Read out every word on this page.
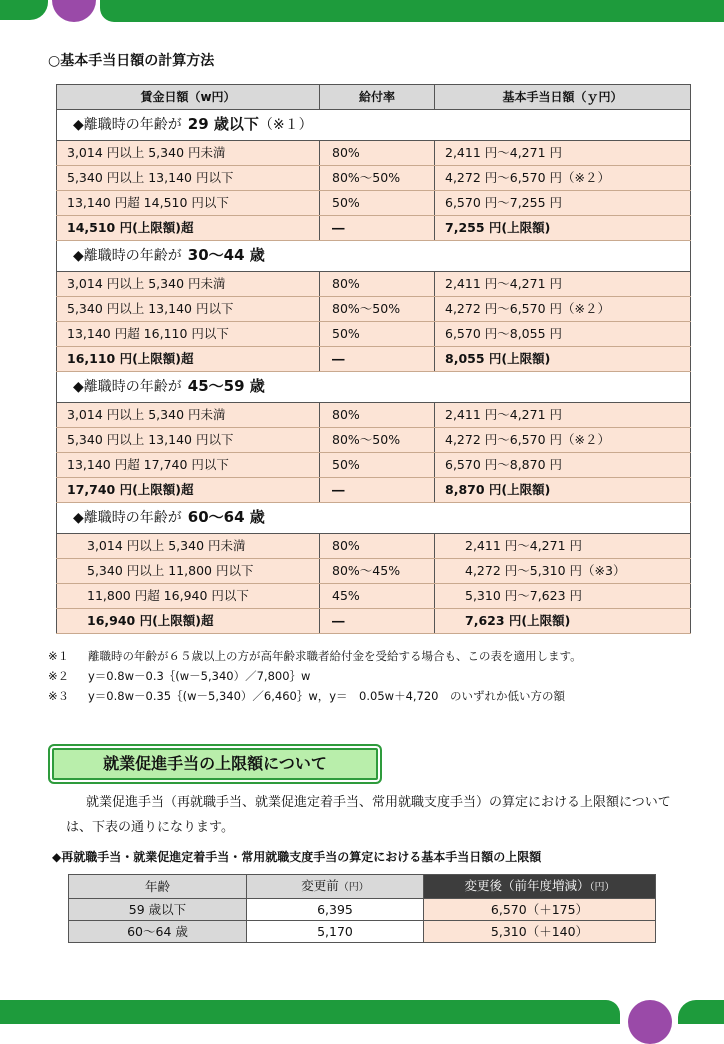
○基本手当日額の計算方法
賃金日額（w円）	給付率	基本手当日額（ｙ円）
◆離職時の年齢が 29 歳以下（※１）		
3,014 円以上 5,340 円未満	80%	2,411 円～4,271 円
5,340 円以上 13,140 円以下	80%～50%	4,272 円～6,570 円（※２）
13,140 円超 14,510 円以下	50%	6,570 円～7,255 円
14,510 円(上限額)超	―	7,255 円(上限額)
◆離職時の年齢が 30～44 歳		
3,014 円以上 5,340 円未満	80%	2,411 円～4,271 円
5,340 円以上 13,140 円以下	80%～50%	4,272 円～6,570 円（※２）
13,140 円超 16,110 円以下	50%	6,570 円～8,055 円
16,110 円(上限額)超	―	8,055 円(上限額)
◆離職時の年齢が 45～59 歳		
3,014 円以上 5,340 円未満	80%	2,411 円～4,271 円
5,340 円以上 13,140 円以下	80%～50%	4,272 円～6,570 円（※２）
13,140 円超 17,740 円以下	50%	6,570 円～8,870 円
17,740 円(上限額)超	―	8,870 円(上限額)
◆離職時の年齢が 60～64 歳		
3,014 円以上 5,340 円未満	80%	2,411 円～4,271 円
5,340 円以上 11,800 円以下	80%～45%	4,272 円～5,310 円（※3）
11,800 円超 16,940 円以下	45%	5,310 円～7,623 円
16,940 円(上限額)超	―	7,623 円(上限額)
※１ 離職時の年齢が６５歳以上の方が高年齢求職者給付金を受給する場合も、この表を適用します。
※２ y＝0.8w－0.3｛(w－5,340）／7,800｝w
※３ y＝0.8w－0.35｛(w－5,340）／6,460｝w，y＝　0.05w＋4,720　のいずれか低い方の額
就業促進手当の上限額について
就業促進手当（再就職手当、就業促進定着手当、常用就職支度手当）の算定における上限額については、下表の通りになります。
◆再就職手当・就業促進定着手当・常用就職支度手当の算定における基本手当日額の上限額
年齢	変更前（円）	変更後（前年度増減）（円）
59 歳以下	6,395	6,570（＋175）
60～64 歳	5,170	5,310（＋140）
